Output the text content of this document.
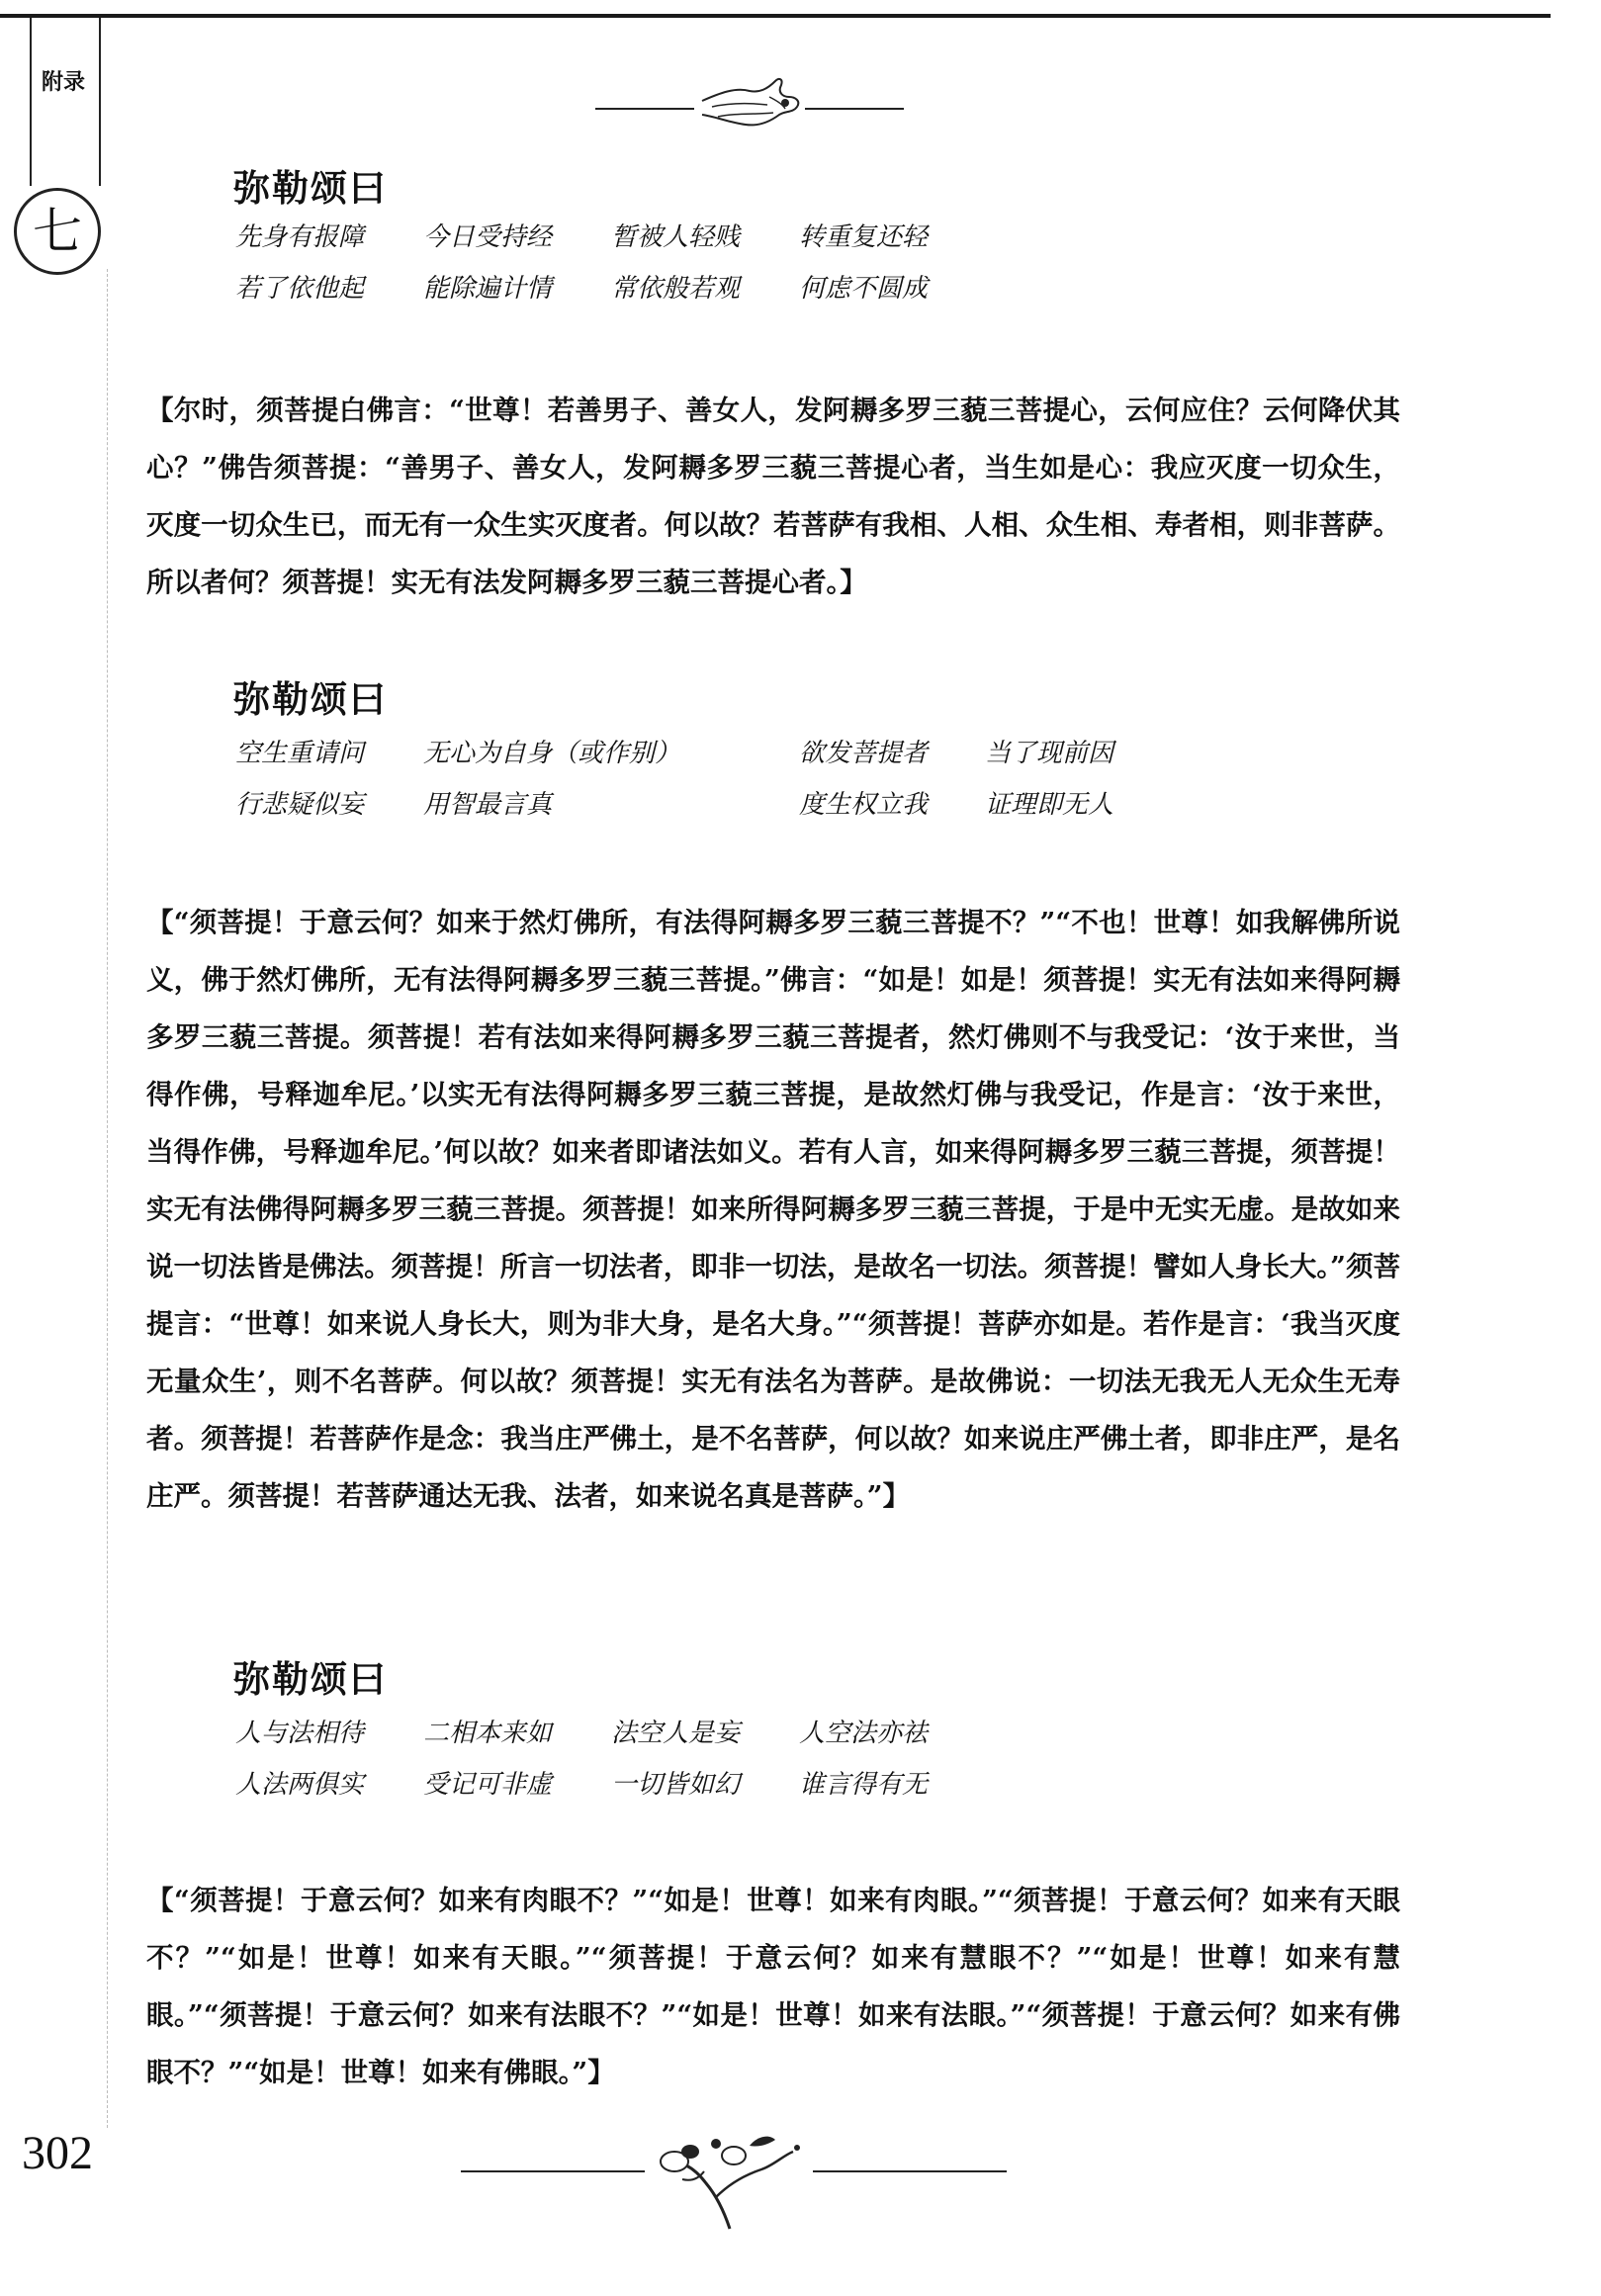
附录
七
弥勒颂曰
先身有报障 今日受持经 暂被人轻贱 转重复还轻
若了依他起 能除遍计情 常依般若观 何虑不圆成

【尔时，须菩提白佛言：“世尊！若善男子、善女人，发阿耨多罗三藐三菩提心，云何应住？云何降伏其心？”佛告须菩提：“善男子、善女人，发阿耨多罗三藐三菩提心者，当生如是心：我应灭度一切众生，灭度一切众生已，而无有一众生实灭度者。何以故？若菩萨有我相、人相、众生相、寿者相，则非菩萨。所以者何？须菩提！实无有法发阿耨多罗三藐三菩提心者。】

弥勒颂曰
空生重请问 无心为自身（或作别）	欲发菩提者 当了现前因
行悲疑似妄 用智最言真	度生权立我 证理即无人

【“须菩提！于意云何？如来于然灯佛所，有法得阿耨多罗三藐三菩提不？”“不也！世尊！如我解佛所说义，佛于然灯佛所，无有法得阿耨多罗三藐三菩提。”佛言：“如是！如是！须菩提！实无有法如来得阿耨多罗三藐三菩提。须菩提！若有法如来得阿耨多罗三藐三菩提者，然灯佛则不与我受记：‘汝于来世，当得作佛，号释迦牟尼。’以实无有法得阿耨多罗三藐三菩提，是故然灯佛与我受记，作是言：‘汝于来世，当得作佛，号释迦牟尼。’何以故？如来者即诸法如义。若有人言，如来得阿耨多罗三藐三菩提，须菩提！实无有法佛得阿耨多罗三藐三菩提。须菩提！如来所得阿耨多罗三藐三菩提，于是中无实无虚。是故如来说一切法皆是佛法。须菩提！所言一切法者，即非一切法，是故名一切法。须菩提！譬如人身长大。”须菩提言：“世尊！如来说人身长大，则为非大身，是名大身。”“须菩提！菩萨亦如是。若作是言：‘我当灭度无量众生’，则不名菩萨。何以故？须菩提！实无有法名为菩萨。是故佛说：一切法无我无人无众生无寿者。须菩提！若菩萨作是念：我当庄严佛土，是不名菩萨，何以故？如来说庄严佛土者，即非庄严，是名庄严。须菩提！若菩萨通达无我、法者，如来说名真是菩萨。”】

弥勒颂曰
人与法相待 二相本来如 法空人是妄 人空法亦祛
人法两俱实 受记可非虚 一切皆如幻 谁言得有无

【“须菩提！于意云何？如来有肉眼不？”“如是！世尊！如来有肉眼。”“须菩提！于意云何？如来有天眼不？”“如是！世尊！如来有天眼。”“须菩提！于意云何？如来有慧眼不？”“如是！世尊！如来有慧眼。”“须菩提！于意云何？如来有法眼不？”“如是！世尊！如来有法眼。”“须菩提！于意云何？如来有佛眼不？”“如是！世尊！如来有佛眼。”】

302
